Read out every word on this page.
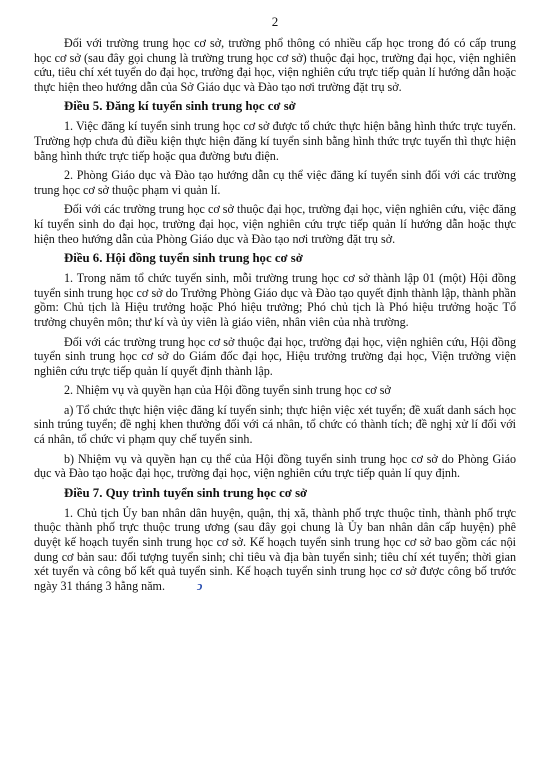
2

Đối với trường trung học cơ sở, trường phổ thông có nhiều cấp học trong đó có cấp trung học cơ sở (sau đây gọi chung là trường trung học cơ sở) thuộc đại học, trường đại học, viện nghiên cứu, tiêu chí xét tuyển do đại học, trường đại học, viện nghiên cứu trực tiếp quản lí hướng dẫn hoặc thực hiện theo hướng dẫn của Sở Giáo dục và Đào tạo nơi trường đặt trụ sở.

Điều 5. Đăng kí tuyển sinh trung học cơ sở

1. Việc đăng kí tuyển sinh trung học cơ sở được tổ chức thực hiện bằng hình thức trực tuyến. Trường hợp chưa đủ điều kiện thực hiện đăng kí tuyển sinh bằng hình thức trực tuyến thì thực hiện bằng hình thức trực tiếp hoặc qua đường bưu điện.

2. Phòng Giáo dục và Đào tạo hướng dẫn cụ thể việc đăng kí tuyển sinh đối với các trường trung học cơ sở thuộc phạm vi quản lí.

Đối với các trường trung học cơ sở thuộc đại học, trường đại học, viện nghiên cứu, việc đăng kí tuyển sinh do đại học, trường đại học, viện nghiên cứu trực tiếp quản lí hướng dẫn hoặc thực hiện theo hướng dẫn của Phòng Giáo dục và Đào tạo nơi trường đặt trụ sở.

Điều 6. Hội đồng tuyển sinh trung học cơ sở

1. Trong năm tổ chức tuyển sinh, mỗi trường trung học cơ sở thành lập 01 (một) Hội đồng tuyển sinh trung học cơ sở do Trưởng Phòng Giáo dục và Đào tạo quyết định thành lập, thành phần gồm: Chủ tịch là Hiệu trưởng hoặc Phó hiệu trưởng; Phó chủ tịch là Phó hiệu trưởng hoặc Tổ trưởng chuyên môn; thư kí và ủy viên là giáo viên, nhân viên của nhà trường.

Đối với các trường trung học cơ sở thuộc đại học, trường đại học, viện nghiên cứu, Hội đồng tuyển sinh trung học cơ sở do Giám đốc đại học, Hiệu trưởng trường đại học, Viện trưởng viện nghiên cứu trực tiếp quản lí quyết định thành lập.

2. Nhiệm vụ và quyền hạn của Hội đồng tuyển sinh trung học cơ sở

a) Tổ chức thực hiện việc đăng kí tuyển sinh; thực hiện việc xét tuyển; đề xuất danh sách học sinh trúng tuyển; đề nghị khen thưởng đối với cá nhân, tổ chức có thành tích; đề nghị xử lí đối với cá nhân, tổ chức vi phạm quy chế tuyển sinh.

b) Nhiệm vụ và quyền hạn cụ thể của Hội đồng tuyển sinh trung học cơ sở do Phòng Giáo dục và Đào tạo hoặc đại học, trường đại học, viện nghiên cứu trực tiếp quản lí quy định.

Điều 7. Quy trình tuyển sinh trung học cơ sở

1. Chủ tịch Ủy ban nhân dân huyện, quận, thị xã, thành phố trực thuộc tỉnh, thành phố trực thuộc thành phố trực thuộc trung ương (sau đây gọi chung là Ủy ban nhân dân cấp huyện) phê duyệt kế hoạch tuyển sinh trung học cơ sở. Kế hoạch tuyển sinh trung học cơ sở bao gồm các nội dung cơ bản sau: đối tượng tuyển sinh; chỉ tiêu và địa bàn tuyển sinh; tiêu chí xét tuyển; thời gian xét tuyển và công bố kết quả tuyển sinh. Kế hoạch tuyển sinh trung học cơ sở được công bố trước ngày 31 tháng 3 hằng năm.	ↄ
